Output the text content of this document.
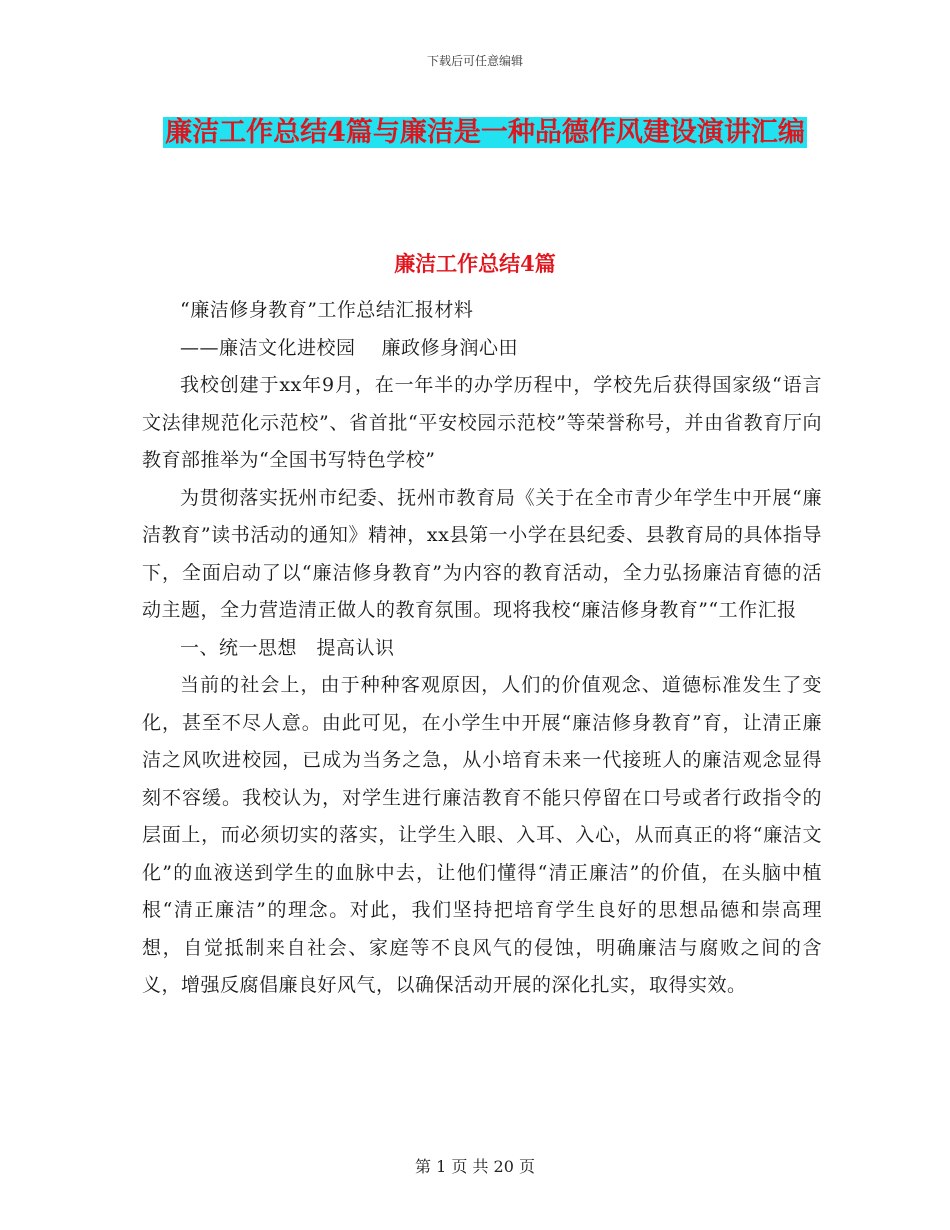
下载后可任意编辑
廉洁工作总结4篇与廉洁是一种品德作风建设演讲汇编
廉洁工作总结4篇

“廉洁修身教育”工作总结汇报材料

——廉洁文化进校园　 廉政修身润心田

我校创建于xx年9月，在一年半的办学历程中，学校先后获得国家级“语言文法律规范化示范校”、省首批“平安校园示范校”等荣誉称号，并由省教育厅向教育部推举为“全国书写特色学校”

为贯彻落实抚州市纪委、抚州市教育局《关于在全市青少年学生中开展“廉洁教育”读书活动的通知》精神，xx县第一小学在县纪委、县教育局的具体指导下，全面启动了以“廉洁修身教育”为内容的教育活动，全力弘扬廉洁育德的活动主题，全力营造清正做人的教育氛围。现将我校“廉洁修身教育”“工作汇报

一、统一思想　提高认识

当前的社会上，由于种种客观原因，人们的价值观念、道德标准发生了变化，甚至不尽人意。由此可见，在小学生中开展“廉洁修身教育”育，让清正廉洁之风吹进校园，已成为当务之急，从小培育未来一代接班人的廉洁观念显得刻不容缓。我校认为，对学生进行廉洁教育不能只停留在口号或者行政指令的层面上，而必须切实的落实，让学生入眼、入耳、入心，从而真正的将“廉洁文化”的血液送到学生的血脉中去，让他们懂得“清正廉洁”的价值，在头脑中植根“清正廉洁”的理念。对此，我们坚持把培育学生良好的思想品德和崇高理想，自觉抵制来自社会、家庭等不良风气的侵蚀，明确廉洁与腐败之间的含义，增强反腐倡廉良好风气，以确保活动开展的深化扎实，取得实效。

第 1 页 共 20 页
